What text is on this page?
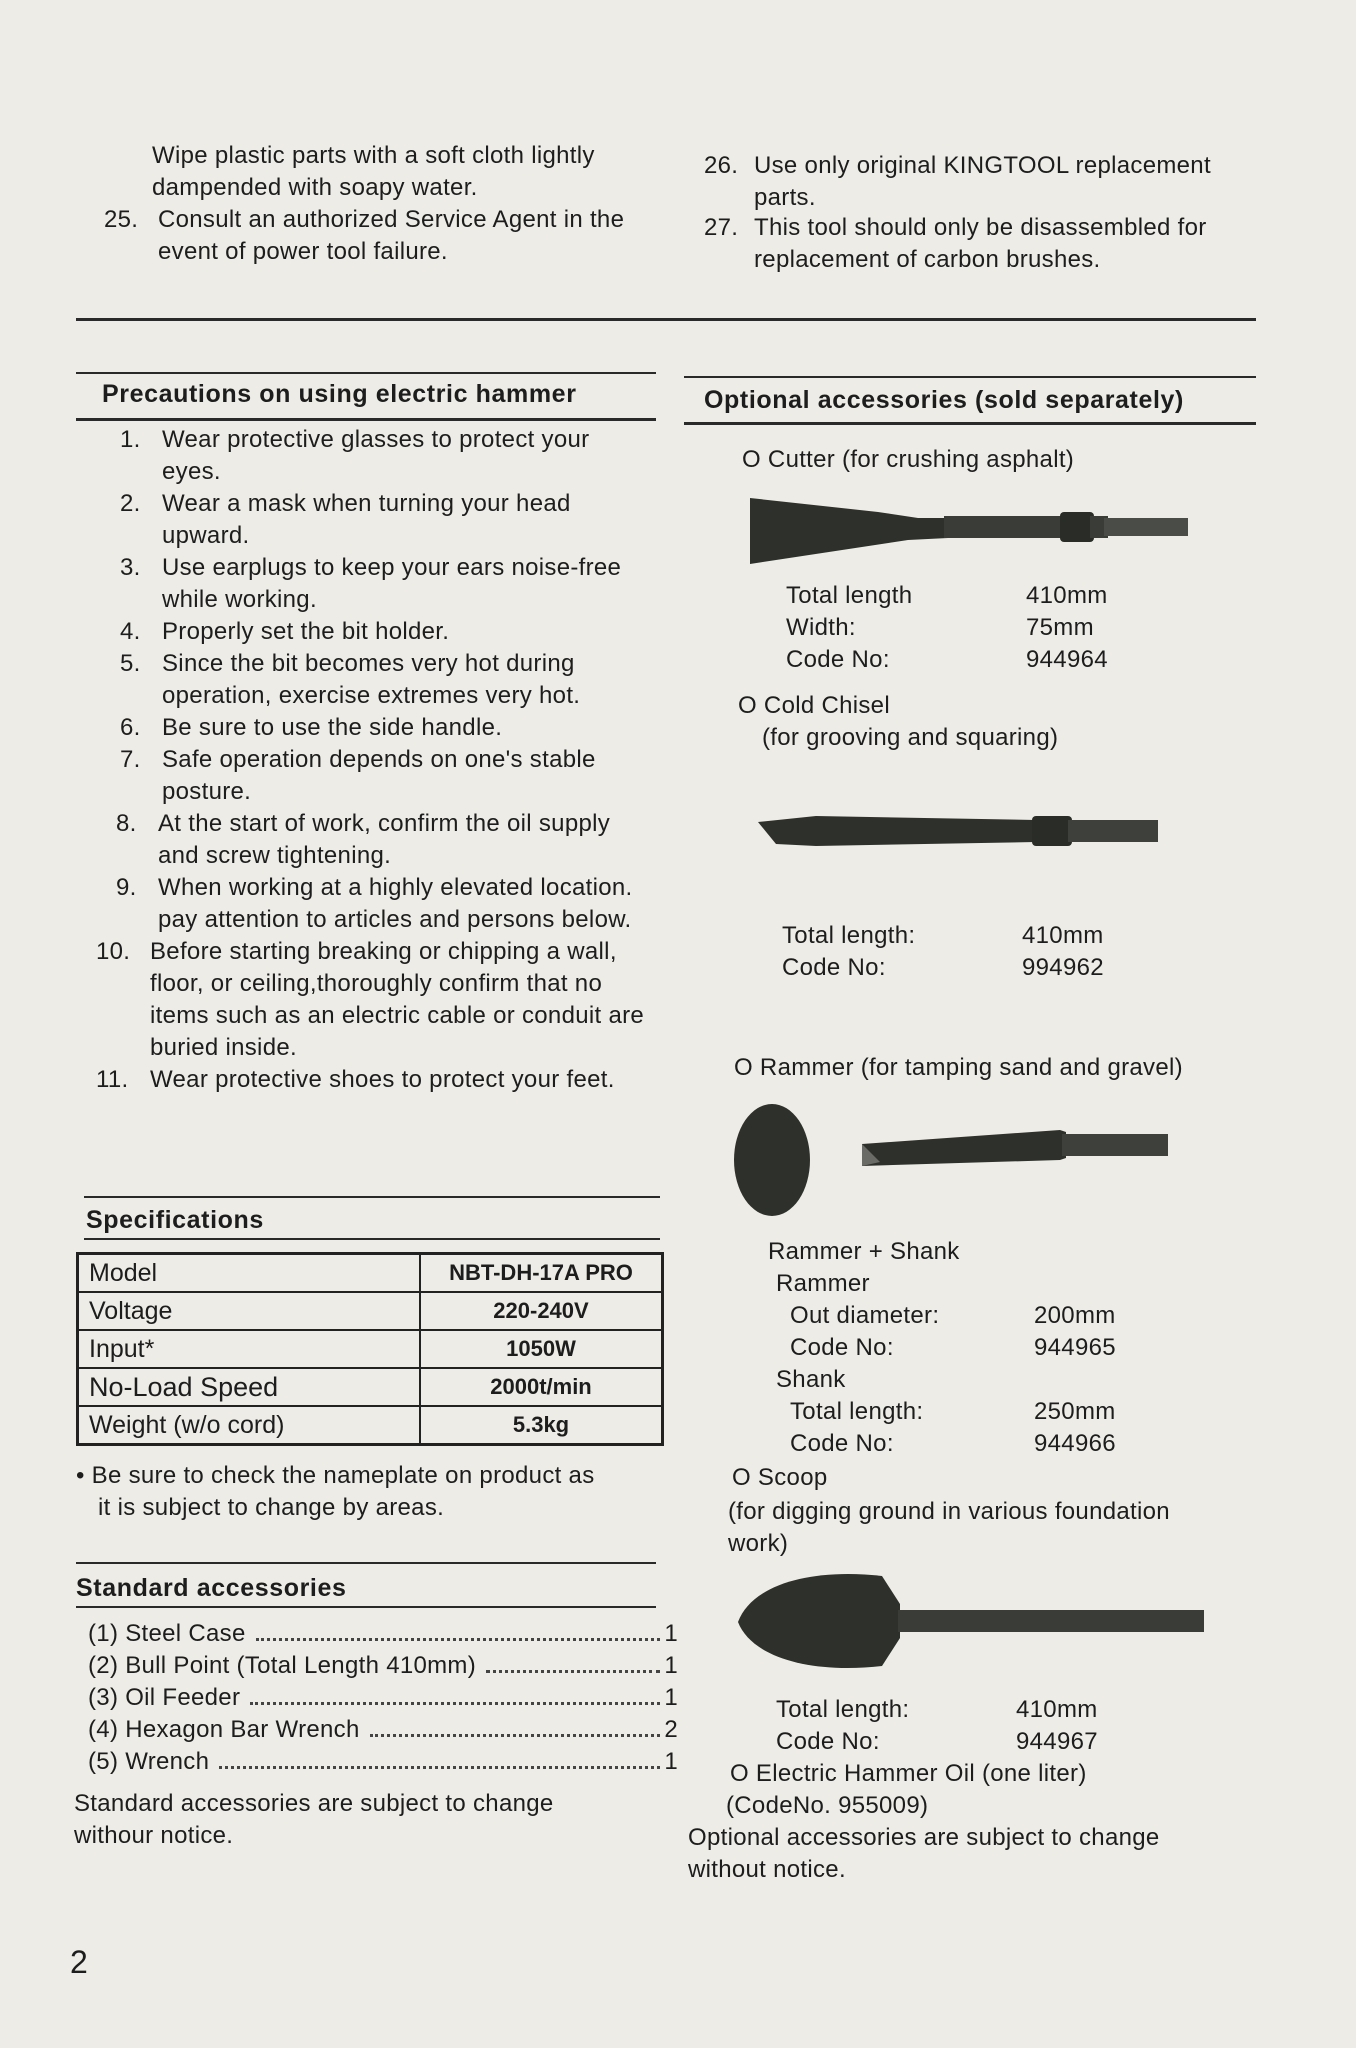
Wipe plastic parts with a soft cloth lightly
dampended with soapy water.
25. Consult an authorized Service Agent in the
event of power tool failure.
26. Use only original KINGTOOL replacement
parts.
27. This tool should only be disassembled for
replacement of carbon brushes.
Precautions on using electric hammer
1. Wear protective glasses to protect your
eyes.
2. Wear a mask when turning your head
upward.
3. Use earplugs to keep your ears noise-free
while working.
4. Properly set the bit holder.
5. Since the bit becomes very hot during
operation, exercise extremes very hot.
6. Be sure to use the side handle.
7. Safe operation depends on one's stable
posture.
8. At the start of work, confirm the oil supply
and screw tightening.
9. When working at a highly elevated location.
pay attention to articles and persons below.
10. Before starting breaking or chipping a wall,
floor, or ceiling,thoroughly confirm that no
items such as an electric cable or conduit are
buried inside.
11. Wear protective shoes to protect your feet.
Specifications
Model	NBT-DH-17A PRO
Voltage	220-240V
Input*	1050W
No-Load Speed	2000t/min
Weight (w/o cord)	5.3kg
• Be sure to check the nameplate on product as
it is subject to change by areas.
Standard accessories
(1) Steel Case	1
(2) Bull Point (Total Length 410mm)	1
(3) Oil Feeder	1
(4) Hexagon Bar Wrench	2
(5) Wrench	1
Standard accessories are subject to change
withour notice.
Optional accessories (sold separately)
O Cutter (for crushing asphalt)
Total length	410mm
Width:	75mm
Code No:	944964
O Cold Chisel
(for grooving and squaring)
Total length:	410mm
Code No:	994962
O Rammer (for tamping sand and gravel)
Rammer + Shank
Rammer
Out diameter:	200mm
Code No:	944965
Shank
Total length:	250mm
Code No:	944966
O Scoop
(for digging ground in various foundation
work)
Total length:	410mm
Code No:	944967
O Electric Hammer Oil (one liter)
(CodeNo. 955009)
Optional accessories are subject to change
without notice.
2
